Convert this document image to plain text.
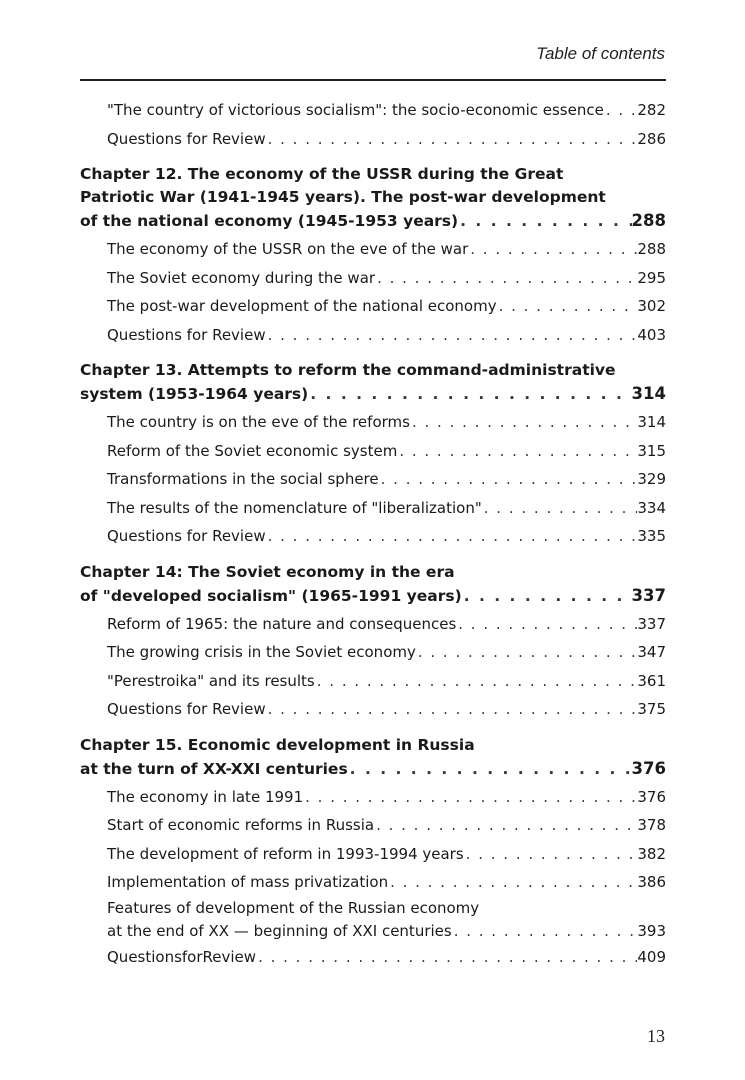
Table of contents
"The country of victorious socialism": the socio-economic essence . . . 282
Questions for Review . . .	286
Chapter 12. The economy of the USSR during the Great
Patriotic War (1941-1945 years). The post-war development
of the national economy (1945-1953 years) . . .	288
The economy of the USSR on the eve of the war . . .	288
The Soviet economy during the war . . .	295
The post-war development of the national economy . . .	302
Questions for Review . . .	403
Chapter 13. Attempts to reform the command-administrative
system (1953-1964 years) . . .	314
The country is on the eve of the reforms . . .	314
Reform of the Soviet economic system . . .	315
Transformations in the social sphere . . .	329
The results of the nomenclature of "liberalization" . . .	334
Questions for Review . . .	335
Chapter 14: The Soviet economy in the era
of "developed socialism" (1965-1991 years) . . .	337
Reform of 1965: the nature and consequences . . .	337
The growing crisis in the Soviet economy . . .	347
"Perestroika" and its results . . .	361
Questions for Review . . .	375
Chapter 15. Economic development in Russia
at the turn of XX-XXI centuries . . .	376
The economy in late 1991 . . .	376
Start of economic reforms in Russia . . .	378
The development of reform in 1993-1994 years . . .	382
Implementation of mass privatization . . .	386
Features of development of the Russian economy
at the end of XX — beginning of XXI centuries . . .	393
QuestionsforReview . . .	409
13
